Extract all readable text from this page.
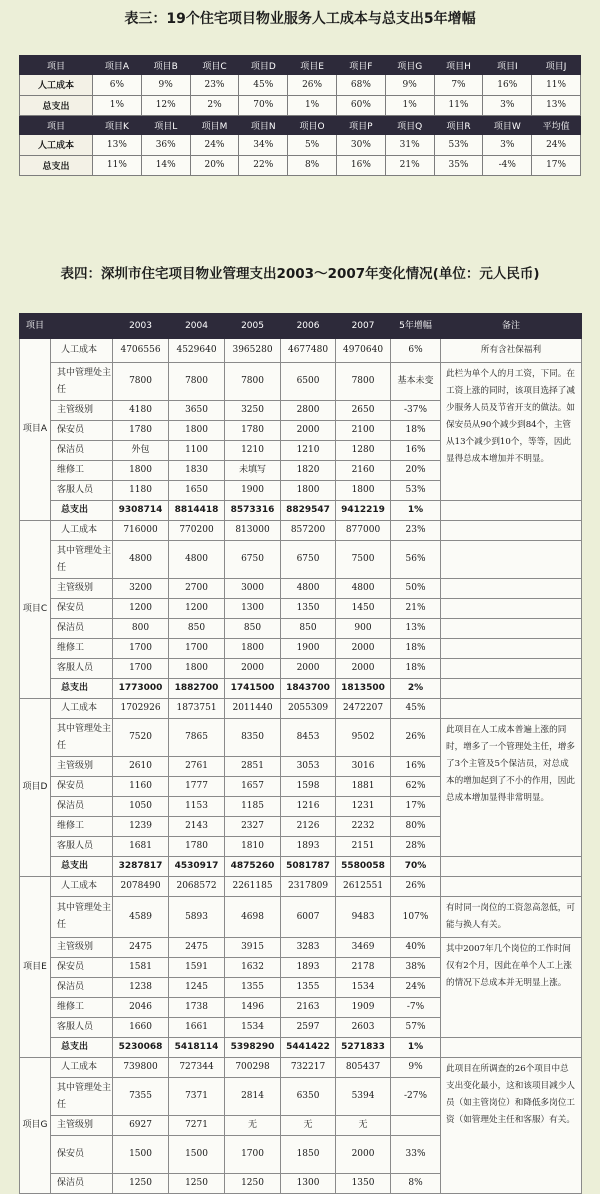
表三：19个住宅项目物业服务人工成本与总支出5年增幅
项目	项目A	项目B	项目C	项目D	项目E	项目F	项目G	项目H	项目I	项目J
人工成本	6%	9%	23%	45%	26%	68%	9%	7%	16%	11%
总支出	1%	12%	2%	70%	1%	60%	1%	11%	3%	13%
项目	项目K	项目L	项目M	项目N	项目O	项目P	项目Q	项目R	项目W	平均值
人工成本	13%	36%	24%	34%	5%	30%	31%	53%	3%	24%
总支出	11%	14%	20%	22%	8%	16%	21%	35%	-4%	17%
表四：深圳市住宅项目物业管理支出2003～2007年变化情况(单位：元人民币)
项目		2003	2004	2005	2006	2007	5年增幅	备注
项目A	人工成本	4706556	4529640	3965280	4677480	4970640	6%	所有含社保福利
	其中管理处主任	7800	7800	7800	6500	7800	基本未变	此栏为单个人的月工资，下同。在工资上涨的同时，该项目选择了减少服务人员及节省开支的做法。如保安员从90个减少到84个，主管从13个减少到10个，等等，因此显得总成本增加并不明显。
	主管级别	4180	3650	3250	2800	2650	-37%	
	保安员	1780	1800	1780	2000	2100	18%	
	保洁员	外包	1100	1210	1210	1280	16%	
	维修工	1800	1830	未填写	1820	2160	20%	
	客服人员	1180	1650	1900	1800	1800	53%	
	总支出	9308714	8814418	8573316	8829547	9412219	1%	
项目C	人工成本	716000	770200	813000	857200	877000	23%	
	其中管理处主任	4800	4800	6750	6750	7500	56%	
	主管级别	3200	2700	3000	4800	4800	50%	
	保安员	1200	1200	1300	1350	1450	21%	
	保洁员	800	850	850	850	900	13%	
	维修工	1700	1700	1800	1900	2000	18%	
	客服人员	1700	1800	2000	2000	2000	18%	
	总支出	1773000	1882700	1741500	1843700	1813500	2%	
项目D	人工成本	1702926	1873751	2011440	2055309	2472207	45%	
	其中管理处主任	7520	7865	8350	8453	9502	26%	此项目在人工成本普遍上涨的同时，增多了一个管理处主任，增多了3个主管及5个保洁员，对总成本的增加起到了不小的作用，因此总成本增加显得非常明显。
	主管级别	2610	2761	2851	3053	3016	16%	
	保安员	1160	1777	1657	1598	1881	62%	
	保洁员	1050	1153	1185	1216	1231	17%	
	维修工	1239	2143	2327	2126	2232	80%	
	客服人员	1681	1780	1810	1893	2151	28%	
	总支出	3287817	4530917	4875260	5081787	5580058	70%	
项目E	人工成本	2078490	2068572	2261185	2317809	2612551	26%	
	其中管理处主任	4589	5893	4698	6007	9483	107%	有时同一岗位的工资忽高忽低，可能与换人有关。
	主管级别	2475	2475	3915	3283	3469	40%	其中2007年几个岗位的工作时间仅有2个月，因此在单个人工上涨的情况下总成本并无明显上涨。
	保安员	1581	1591	1632	1893	2178	38%	
	保洁员	1238	1245	1355	1355	1534	24%	
	维修工	2046	1738	1496	2163	1909	-7%	
	客服人员	1660	1661	1534	2597	2603	57%	
	总支出	5230068	5418114	5398290	5441422	5271833	1%	
项目G	人工成本	739800	727344	700298	732217	805437	9%	此项目在所调查的26个项目中总支出变化最小，这和该项目减少人员（如主管岗位）和降低多岗位工资（如管理处主任和客服）有关。
	其中管理处主任	7355	7371	2814	6350	5394	-27%	
	主管级别	6927	7271	无	无	无		
	保安员	1500	1500	1700	1850	2000	33%	
	保洁员	1250	1250	1250	1300	1350	8%	
